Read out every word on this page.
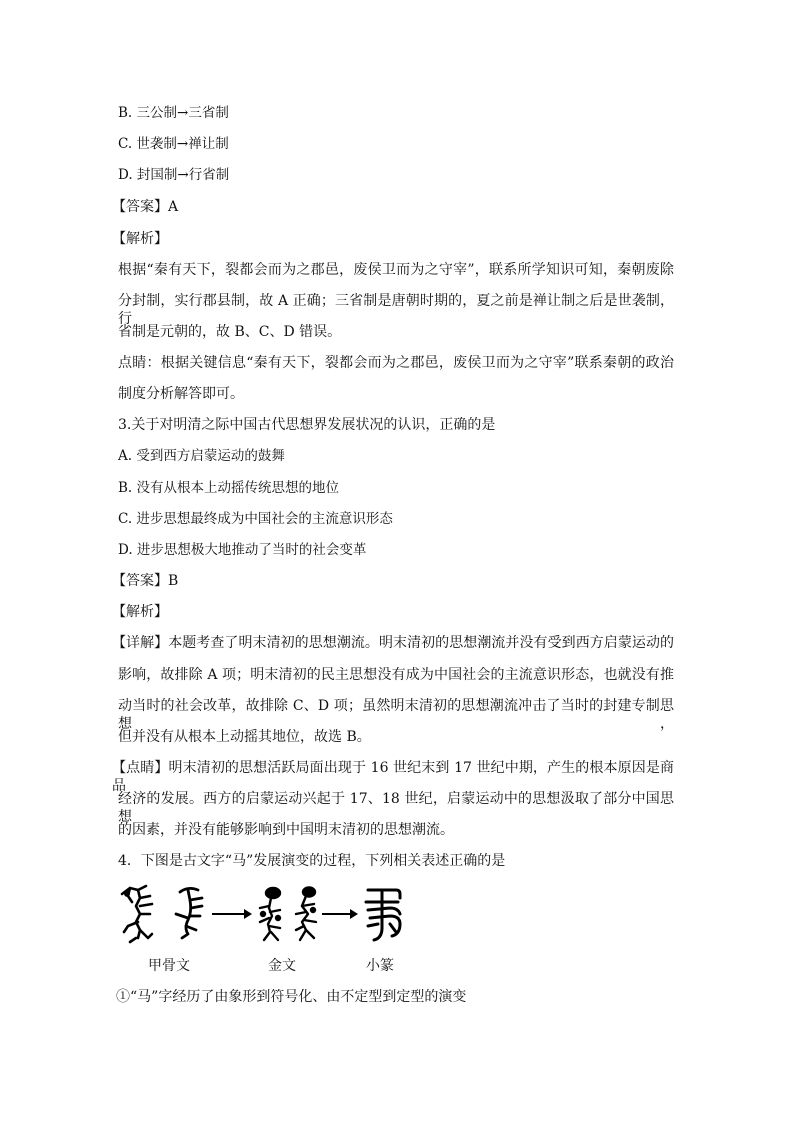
B. 三公制→三省制
C. 世袭制→禅让制
D. 封国制→行省制
【答案】A
【解析】
根据“秦有天下，裂都会而为之郡邑，废侯卫而为之守宰”，联系所学知识可知，秦朝废除
分封制，实行郡县制，故 A 正确；三省制是唐朝时期的，夏之前是禅让制之后是世袭制，行
省制是元朝的，故 B、C、D 错误。
点睛：根据关键信息“秦有天下，裂都会而为之郡邑，废侯卫而为之守宰”联系秦朝的政治
制度分析解答即可。
3.关于对明清之际中国古代思想界发展状况的认识，正确的是
A. 受到西方启蒙运动的鼓舞
B. 没有从根本上动摇传统思想的地位
C. 进步思想最终成为中国社会的主流意识形态
D. 进步思想极大地推动了当时的社会变革
【答案】B
【解析】
【详解】本题考查了明末清初的思想潮流。明末清初的思想潮流并没有受到西方启蒙运动的
影响，故排除 A 项；明末清初的民主思想没有成为中国社会的主流意识形态，也就没有推
动当时的社会改革，故排除 C、D 项；虽然明末清初的思想潮流冲击了当时的封建专制思想，
但并没有从根本上动摇其地位，故选 B。
【点睛】明末清初的思想活跃局面出现于 16 世纪末到 17 世纪中期，产生的根本原因是商品
经济的发展。西方的启蒙运动兴起于 17、18 世纪，启蒙运动中的思想汲取了部分中国思想
的因素，并没有能够影响到中国明末清初的思想潮流。
4．下图是古文字“马”发展演变的过程，下列相关表述正确的是
甲骨文	金文	小篆
①“马”字经历了由象形到符号化、由不定型到定型的演变
